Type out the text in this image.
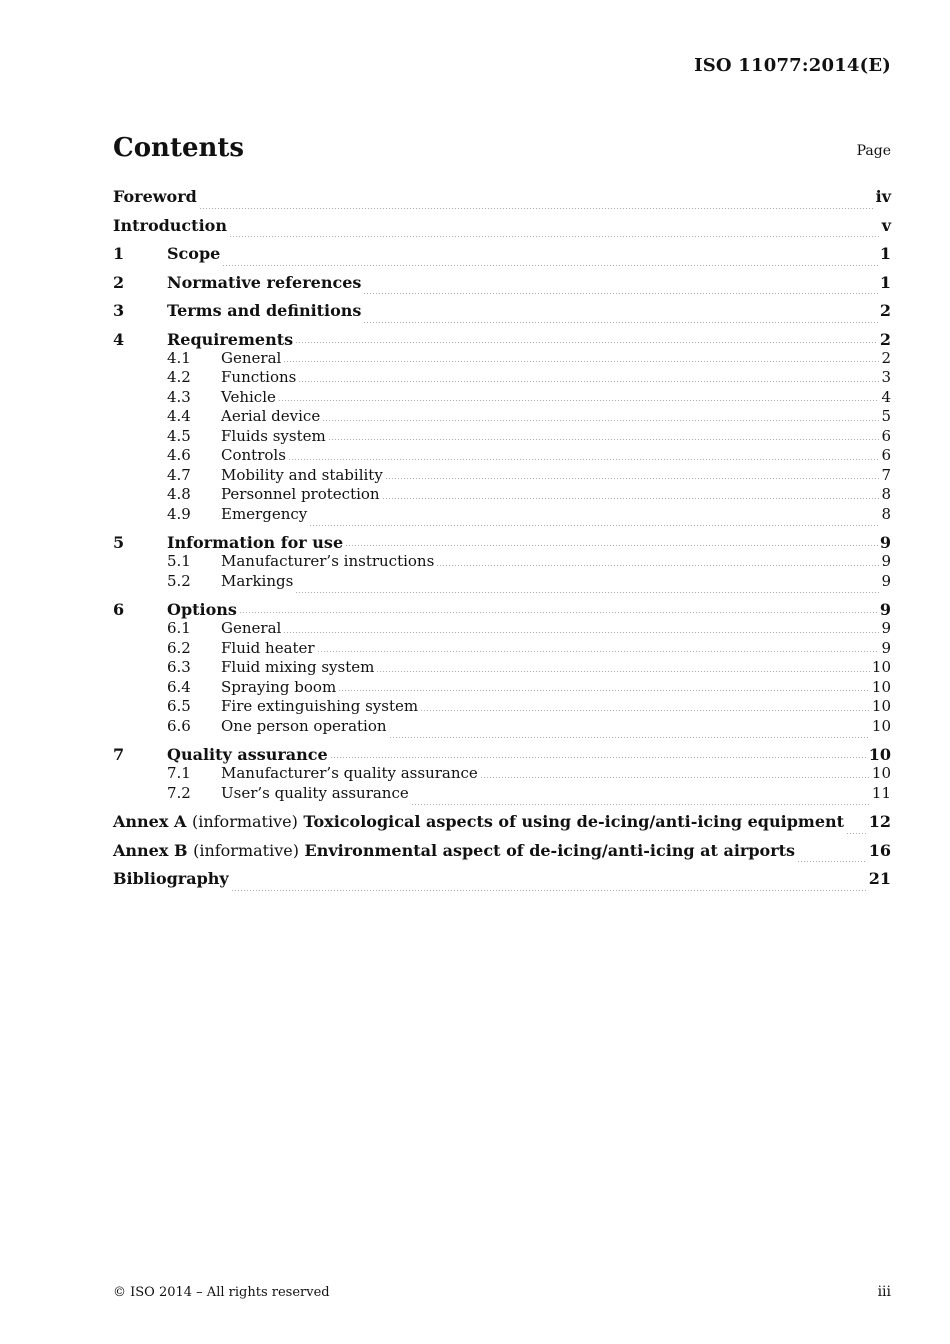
ISO 11077:2014(E)
Contents	Page
Foreword	iv
Introduction	v
1	Scope	1
2	Normative references	1
3	Terms and definitions	2
4	Requirements	2
4.1	General	2
4.2	Functions	3
4.3	Vehicle	4
4.4	Aerial device	5
4.5	Fluids system	6
4.6	Controls	6
4.7	Mobility and stability	7
4.8	Personnel protection	8
4.9	Emergency	8
5	Information for use	9
5.1	Manufacturer’s instructions	9
5.2	Markings	9
6	Options	9
6.1	General	9
6.2	Fluid heater	9
6.3	Fluid mixing system	10
6.4	Spraying boom	10
6.5	Fire extinguishing system	10
6.6	One person operation	10
7	Quality assurance	10
7.1	Manufacturer’s quality assurance	10
7.2	User’s quality assurance	11
Annex A (informative) Toxicological aspects of using de-icing/anti-icing equipment 12
Annex B (informative) Environmental aspect of de-icing/anti-icing at airports	16
Bibliography	21
© ISO 2014 – All rights reserved	iii
